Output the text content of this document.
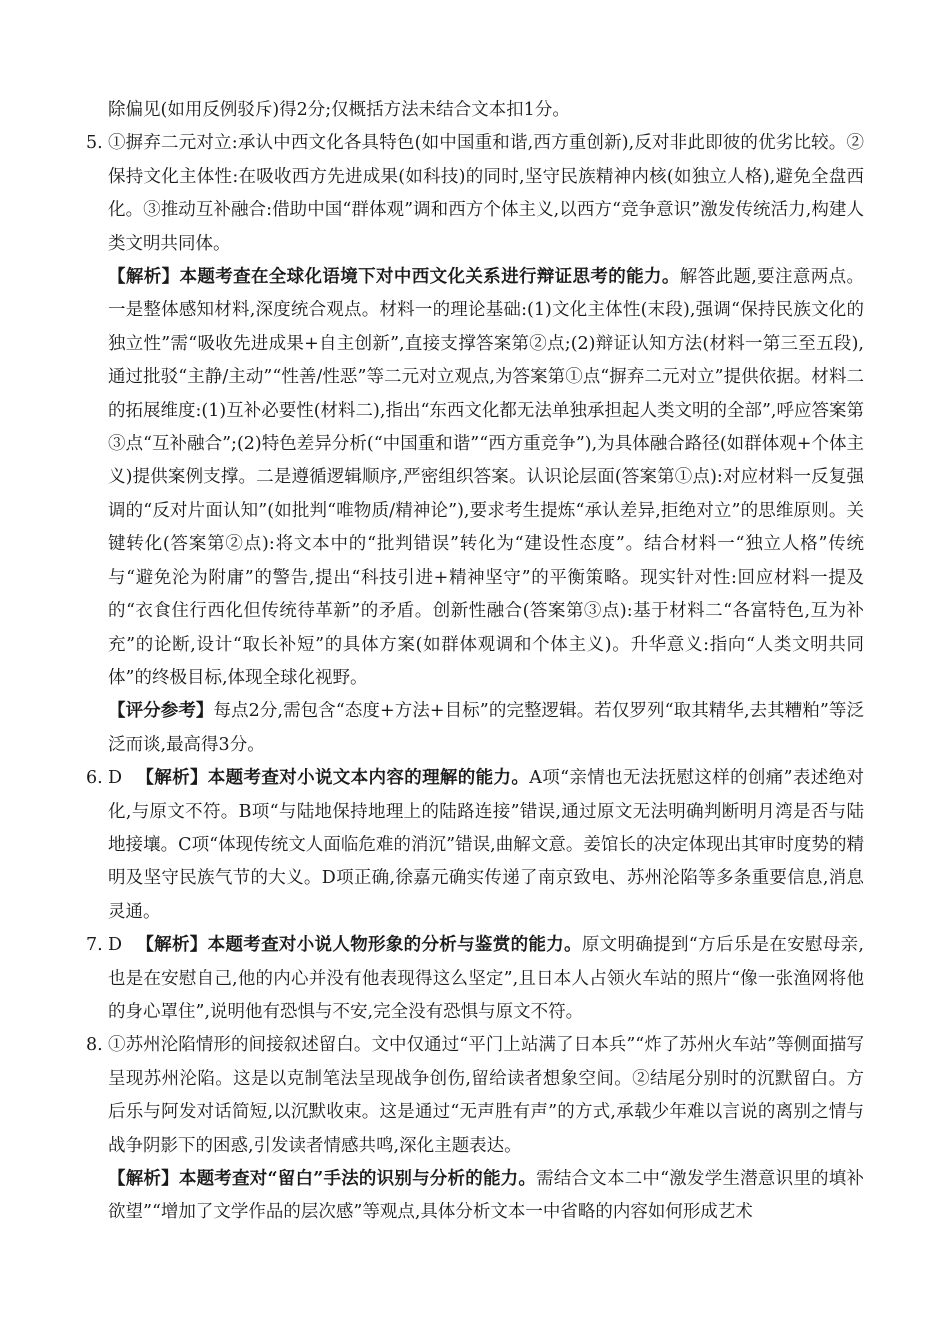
除偏见(如用反例驳斥)得2分;仅概括方法未结合文本扣1分。

5. ①摒弃二元对立:承认中西文化各具特色(如中国重和谐,西方重创新),反对非此即彼的优劣比较。②保持文化主体性:在吸收西方先进成果(如科技)的同时,坚守民族精神内核(如独立人格),避免全盘西化。③推动互补融合:借助中国“群体观”调和西方个体主义,以西方“竞争意识”激发传统活力,构建人类文明共同体。

【解析】本题考查在全球化语境下对中西文化关系进行辩证思考的能力。解答此题,要注意两点。一是整体感知材料,深度统合观点。材料一的理论基础:(1)文化主体性(末段),强调“保持民族文化的独立性”需“吸收先进成果+自主创新”,直接支撑答案第②点;(2)辩证认知方法(材料一第三至五段),通过批驳“主静/主动”“性善/性恶”等二元对立观点,为答案第①点“摒弃二元对立”提供依据。材料二的拓展维度:(1)互补必要性(材料二),指出“东西文化都无法单独承担起人类文明的全部”,呼应答案第③点“互补融合”;(2)特色差异分析(“中国重和谐”“西方重竞争”),为具体融合路径(如群体观+个体主义)提供案例支撑。二是遵循逻辑顺序,严密组织答案。认识论层面(答案第①点):对应材料一反复强调的“反对片面认知”(如批判“唯物质/精神论”),要求考生提炼“承认差异,拒绝对立”的思维原则。关键转化(答案第②点):将文本中的“批判错误”转化为“建设性态度”。结合材料一“独立人格”传统与“避免沦为附庸”的警告,提出“科技引进+精神坚守”的平衡策略。现实针对性:回应材料一提及的“衣食住行西化但传统待革新”的矛盾。创新性融合(答案第③点):基于材料二“各富特色,互为补充”的论断,设计“取长补短”的具体方案(如群体观调和个体主义)。升华意义:指向“人类文明共同体”的终极目标,体现全球化视野。

【评分参考】每点2分,需包含“态度+方法+目标”的完整逻辑。若仅罗列“取其精华,去其糟粕”等泛泛而谈,最高得3分。

6. D 【解析】本题考查对小说文本内容的理解的能力。A项“亲情也无法抚慰这样的创痛”表述绝对化,与原文不符。B项“与陆地保持地理上的陆路连接”错误,通过原文无法明确判断明月湾是否与陆地接壤。C项“体现传统文人面临危难的消沉”错误,曲解文意。姜馆长的决定体现出其审时度势的精明及坚守民族气节的大义。D项正确,徐嘉元确实传递了南京致电、苏州沦陷等多条重要信息,消息灵通。

7. D 【解析】本题考查对小说人物形象的分析与鉴赏的能力。原文明确提到“方后乐是在安慰母亲,也是在安慰自己,他的内心并没有他表现得这么坚定”,且日本人占领火车站的照片“像一张渔网将他的身心罩住”,说明他有恐惧与不安,完全没有恐惧与原文不符。

8. ①苏州沦陷情形的间接叙述留白。文中仅通过“平门上站满了日本兵”“炸了苏州火车站”等侧面描写呈现苏州沦陷。这是以克制笔法呈现战争创伤,留给读者想象空间。②结尾分别时的沉默留白。方后乐与阿发对话简短,以沉默收束。这是通过“无声胜有声”的方式,承载少年难以言说的离别之情与战争阴影下的困惑,引发读者情感共鸣,深化主题表达。

【解析】本题考查对“留白”手法的识别与分析的能力。需结合文本二中“激发学生潜意识里的填补欲望”“增加了文学作品的层次感”等观点,具体分析文本一中省略的内容如何形成艺术
